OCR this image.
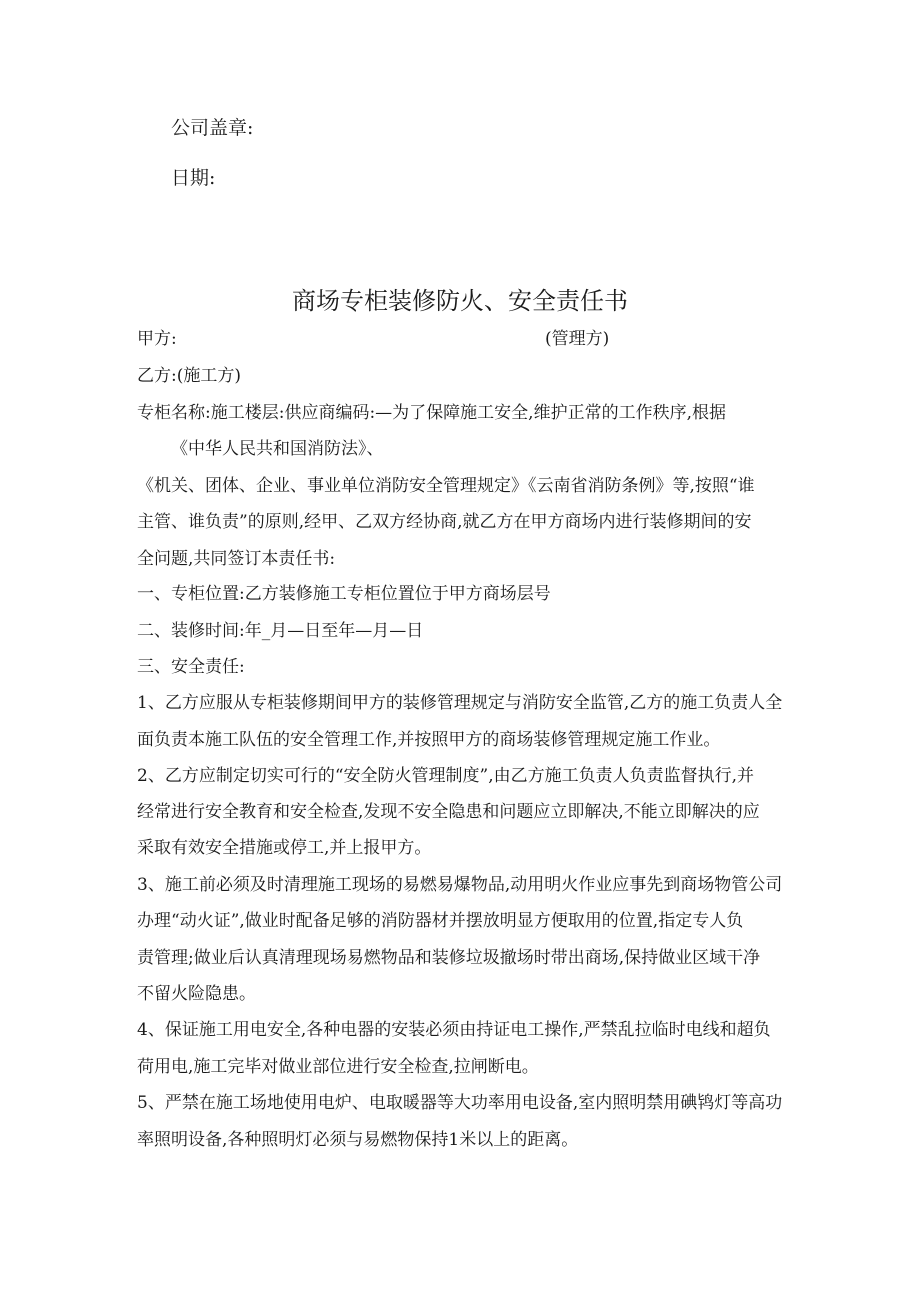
公司盖章:
日期:
商场专柜装修防火、安全责任书
甲方:	(管理方)
乙方:(施工方)
专柜名称:施工楼层:供应商编码:—为了保障施工安全,维护正常的工作秩序,根据
《中华人民共和国消防法》、
《机关、团体、企业、事业单位消防安全管理规定》《云南省消防条例》等,按照“谁
主管、谁负责”的原则,经甲、乙双方经协商,就乙方在甲方商场内进行装修期间的安
全问题,共同签订本责任书:
一、专柜位置:乙方装修施工专柜位置位于甲方商场层号
二、装修时间:年_月—日至年—月—日
三、安全责任:
1、乙方应服从专柜装修期间甲方的装修管理规定与消防安全监管,乙方的施工负责人全
面负责本施工队伍的安全管理工作,并按照甲方的商场装修管理规定施工作业。
2、乙方应制定切实可行的“安全防火管理制度”,由乙方施工负责人负责监督执行,并
经常进行安全教育和安全检查,发现不安全隐患和问题应立即解决,不能立即解决的应
采取有效安全措施或停工,并上报甲方。
3、施工前必须及时清理施工现场的易燃易爆物品,动用明火作业应事先到商场物管公司
办理“动火证”,做业时配备足够的消防器材并摆放明显方便取用的位置,指定专人负
责管理;做业后认真清理现场易燃物品和装修垃圾撤场时带出商场,保持做业区域干净
不留火险隐患。
4、保证施工用电安全,各种电器的安装必须由持证电工操作,严禁乱拉临时电线和超负
荷用电,施工完毕对做业部位进行安全检查,拉闸断电。
5、严禁在施工场地使用电炉、电取暖器等大功率用电设备,室内照明禁用碘鸨灯等高功
率照明设备,各种照明灯必须与易燃物保持1米以上的距离。
